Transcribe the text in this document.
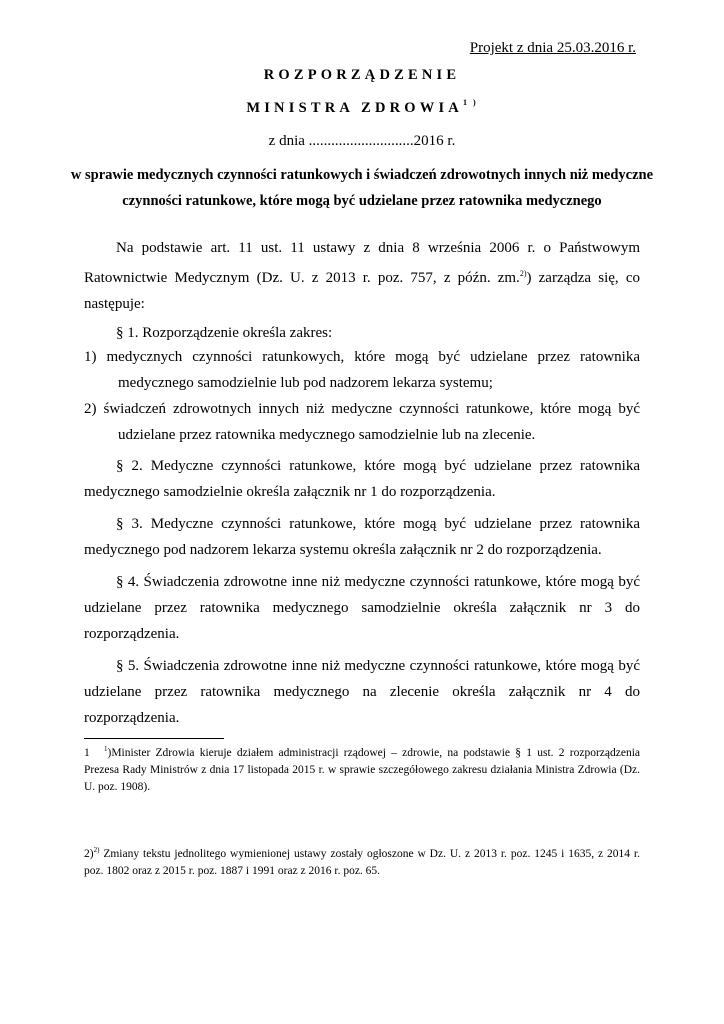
Projekt z dnia 25.03.2016 r.
ROZPORZĄDZENIE
MINISTRA $ZDROWIA^{1 )}$
z dnia ............................2016 r.
w sprawie medycznych czynności ratunkowych i świadczeń zdrowotnych innych niż medyczne czynności ratunkowe, które mogą być udzielane przez ratownika medycznego
Na podstawie art. 11 ust. 11 ustawy z dnia 8 września 2006 r. o Państwowym Ratownictwie Medycznym (Dz. U. z 2013 r. poz. 757, z późn. zm.$^{2)}$) zarządza się, co następuje:
§ 1. Rozporządzenie określa zakres:
1) medycznych czynności ratunkowych, które mogą być udzielane przez ratownika medycznego samodzielnie lub pod nadzorem lekarza systemu;
2) świadczeń zdrowotnych innych niż medyczne czynności ratunkowe, które mogą być udzielane przez ratownika medycznego samodzielnie lub na zlecenie.
§ 2. Medyczne czynności ratunkowe, które mogą być udzielane przez ratownika medycznego samodzielnie określa załącznik nr 1 do rozporządzenia.
§ 3. Medyczne czynności ratunkowe, które mogą być udzielane przez ratownika medycznego pod nadzorem lekarza systemu określa załącznik nr 2 do rozporządzenia.
§ 4. Świadczenia zdrowotne inne niż medyczne czynności ratunkowe, które mogą być udzielane przez ratownika medycznego samodzielnie określa załącznik nr 3 do rozporządzenia.
§ 5. Świadczenia zdrowotne inne niż medyczne czynności ratunkowe, które mogą być udzielane przez ratownika medycznego na zlecenie określa załącznik nr 4 do rozporządzenia.
1 $^1$)Minister Zdrowia kieruje działem administracji rządowej – zdrowie, na podstawie § 1 ust. 2 rozporządzenia Prezesa Rady Ministrów z dnia 17 listopada 2015 r. w sprawie szczegółowego zakresu działania Ministra Zdrowia (Dz. U. poz. 1908).
2)$^{2)}$ Zmiany tekstu jednolitego wymienionej ustawy zostały ogłoszone w Dz. U. z 2013 r. poz. 1245 i 1635, z 2014 r. poz. 1802 oraz z 2015 r. poz. 1887 i 1991 oraz z 2016 r. poz. 65.
